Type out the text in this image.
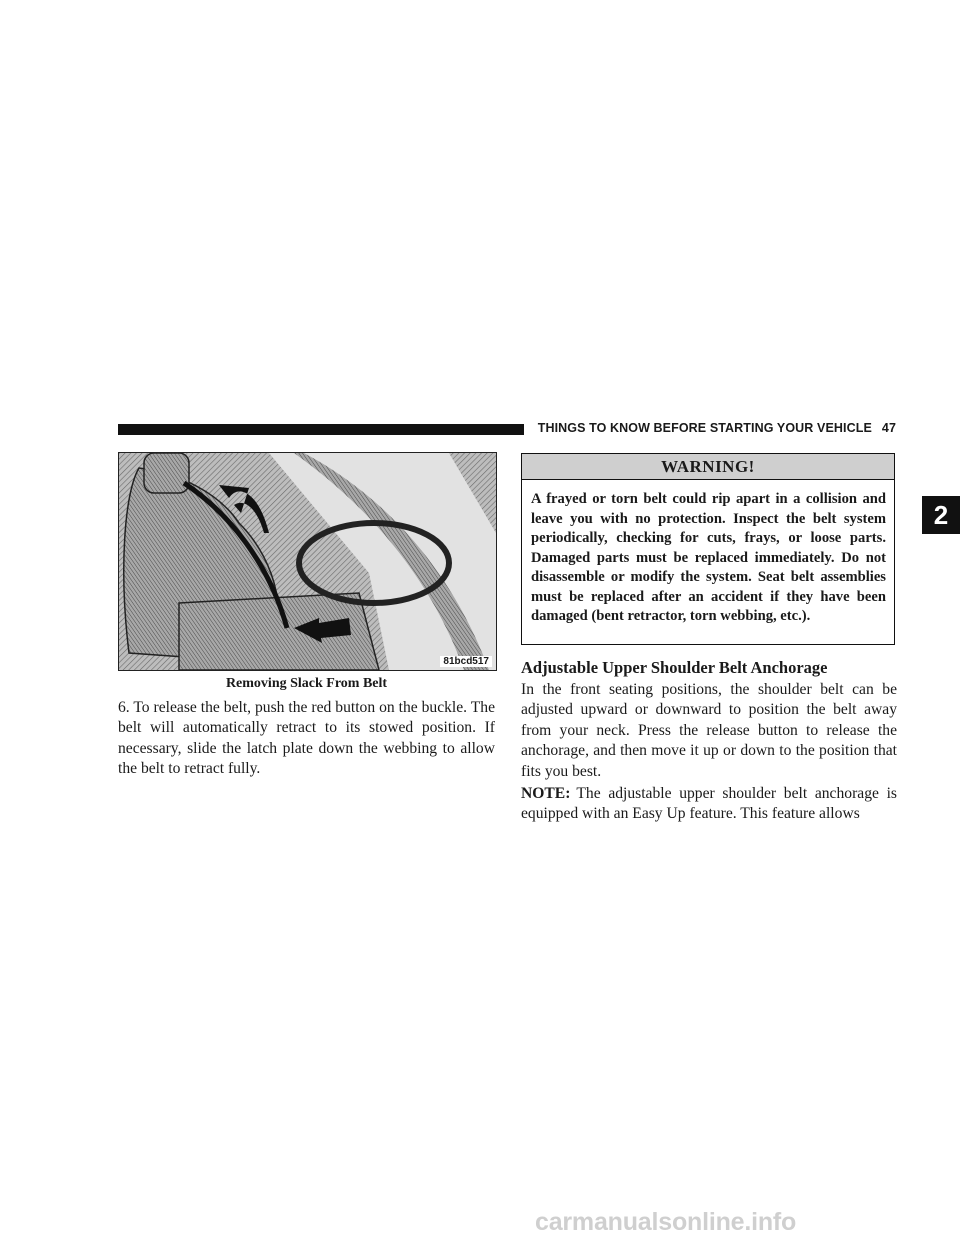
THINGS TO KNOW BEFORE STARTING YOUR VEHICLE 47
2
81bcd517
Removing Slack From Belt
6. To release the belt, push the red button on the buckle. The belt will automatically retract to its stowed position. If necessary, slide the latch plate down the webbing to allow the belt to retract fully.
WARNING!
A frayed or torn belt could rip apart in a collision and leave you with no protection. Inspect the belt system periodically, checking for cuts, frays, or loose parts. Damaged parts must be replaced immediately. Do not disassemble or modify the system. Seat belt assemblies must be replaced after an accident if they have been damaged (bent retractor, torn webbing, etc.).
Adjustable Upper Shoulder Belt Anchorage
In the front seating positions, the shoulder belt can be adjusted upward or downward to position the belt away from your neck. Press the release button to release the anchorage, and then move it up or down to the position that fits you best.
NOTE: The adjustable upper shoulder belt anchorage is equipped with an Easy Up feature. This feature allows
carmanualsonline.info
